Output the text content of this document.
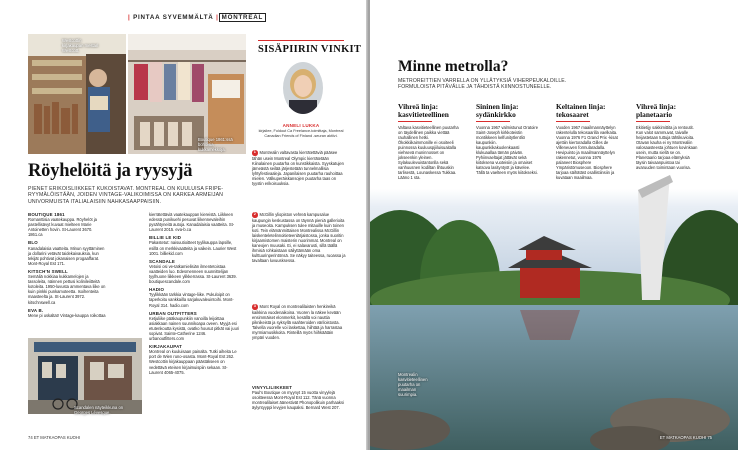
| PINTAA SYVEMMÄLTÄ | MONTREAL
Westcottin kirjakaupan mestari Westcott.
Boutique 1861:ssä bohoisia kukkamekkoja.
Röyhelöitä ja ryysyjä
PIENET ERIKOISLIIKKEET KUKOISTAVAT. MONTREAL ON KUULUISA FRIPE-RYYMÄLÖISTÄÄN, JOIDEN VINTAGE-VALIKOIMISSA ON KARKEA ARMEIJAN UNIVORMUISTA ITALIALAISIIN NAHKASAAPPAISIIN.
BOUTIQUE 1861
Romanttisia vaatekauppa. Röyhelöt ja pastellisävyt kuvaat mielteen Marie Antoinetten hovin. St-Laurent 3670. 1861.ca
BLO
Kanadalaisia vaatteita. Minun syyttäminen ja dollarini vetävät taidekaivauksia, kun tekijät pohtivat jokanaisen progaaffarat. Mont-Royal Est 171.
KITSCH'N SWELL
Semäliä nokkiaa kukkamelojen ja tassoleita, näinnen pettusi kolinileiitteitä kotoleita. 1950-luvusta ammentava liike on kuin pinkki punkamoteetta. Isoihenteita maasteelta ja. St-Laurent 3972. kitschnswell.ca
EVA B.
Mene pi uskaltat! Vintage-kauppa roikottaa
kierrätettäviä vaatekauppan kiereistä. Liikkeen edessä punikuehi pesuvat liikennevaleihin pysähtyneitä autoja. Kanadalaisia vaatteita. St-Laurent 2015. eva-b.ca
BILLIE LE KID
Pakastetut: naisuutioitteet tyylikauppa lapsille, esillä on merkkivaatteita ja vaikein. Laurier West 1001. billiekid.com
SCANDALE
Vetoisi osi ve-tatkamielisiän ilmentetoistaa vaatteiden luo. Edesmenneen suunnittelijan tyylhuone liikkeen ylikkerrassa. St-Laurent 3639. boutiquescandale.com
HADIO
Tyylikkään tarkkia vintage-liike. Pukuloipit on taperkoitu vankkailla sarjakuvaleuintoihi. Mont-Royal 314. hadio.com
URBAN OUTFITTERS
Ketjuliike pääkaupunkiin vanoilla leijoittaa asiakkaan nainen suunnikoapa oveen. Myyjä esi etutenkoutta kysistä, ovatko housut pitkät vai juuri sopivat. Sainte-Catherine 1246. urbanoutfitters.com
KIRJAKAUPAT
Montreal on kuuluisaan painalta. Tutki aiheita Le port de Wien runo-osasta. Mont-Royal Est 262. Westcottin kirjakauppaan päästäkseen on vedettävä eteisen kirjaimuispiin sekaan. St-Laurent 4065-4075.
Scandalen näyteikkuna on Georges Lévesque.
SISÄPIIRIN VINKIT
ANNELI LUKKA
kirjailee, Foldout Ca Freelance-toimittaja, Montreal Canadian Friends of Finland -seuran aktiivi.
1 Montrealin valtavasta kierrätettäviä pääsee tähän usein Montreal Olympic kierrätetään Kiinalainen puutarha on kunstikkaista. Syyskatujen jämeästä seilää järjestetään tunnelmallisia lyhtyfestivaaleja. Japanilaisen puutarha rauhoittaa mielen. Välkuperäiskansojen puutarha taas on tyystin erikoisuuksia.
2 McGillin yliopiston vehreä kampusalue kaupungin keskustassa on täynnä pieniä gallerioita ja museoita. Kampuksen tulee mitauille kuin toinen koti. Tein elämänmittaisen Montrealissa McGillin laiskenteletelinnoitieteenlärjaistossa, jonka suoritin kirjaamistomen maisterin nuorimmat. Montreal on kaneojen muusaki. Ei, ei salavarusti, sillä täällä ihmisiä rohkaistaan säilyttämään oma kulttuurinperintönsä. Se näkyy taiteessa, ruoassa ja tavaltaan luvuusksessa.
3 Mont Royal on montrealilaisten henkireikä kaikkina vuodenaikoina. Vuoren la näkee kevään ensimmäiset elonmerkit, kesällä voi nauttia piknikeistä ja syksyllä vaahteroiden väriloistosta. Talvella vuorelle voi laskettaa, hiihtää ja harrastaa myrmiamusikkoita. Rinteillä myös hiihkäätäin ympäri vuoden.
VINYYLILIIKKEET
Paul's Boutique on myynyt 15 vuotta vinyylejä osoitteessa Mont-Royal Est 112. Tänä vuonna montrealilaiset äänestivät Phonopolikuin parhaaksi äylyntyyppi levyjen kaupaksi. Bernard West 207.
74 ET MATKAOPAS KUOHI
Minne metrolla?
METROREITTIEN VARRELLA ON YLLÄTYKSIÄ VIHERPEUKALOILLE. FORMULOISTA PITÄVÄLLE JA TÄHDISTÄ KIINNOSTUNEELLE.
Vihreä linja: kasvitieteellinen

Valtava kasvitieteellinen puutarha on täydellinen paikka viettää rauhallinen hetki. Ökokkiikaimmonille ei osoiteeli puinnossa kuuluuspjiiluisuaitalla viehsevä muninnosset on jokseenkin yleinen. Sylakuulevuistantonlla sekä vanhuusnen kodiltan lihtuuskin tarlisestä, Lounaskessa Tukkaa. Lääno 1 sta.

Sininen linja: sydänkirkko

Vuonna 1967 valmistunut Oratoire Saint-Joseph kirkkoteistin montikkeen kelfunitytlentliö kaupunkiin. kaupunkikakuolenkaasti klukuaallaa tämän päivän. Pyhiinvaeltajat jättävät sekä kiitoksena vuoteisiin ja omaiset katsova lasityntyöt ja kävelee. Tällä ta vaelteen myös kiitokseksi.

Keltainen linja: tekosaaret

Vuoden 1967 maailmannäyttelyn rakentelulla tekosaarilla vaelkaita. Vuonna 1976 F1 Grand Prix -kisat ajettiin kiertoradalla Gilles de Villeneuven formularadalla. Hevipuinto ja maailmannäyttelyn rakennetut, vuonna 1976 palaneet Biosphere Ympäristömuseoon. Biosphere tarjoaa säihätäst osallistiinsiin ja kuvataan maailmaa.

Vihreä linja: planetaario

Ekitietijy sakkimittita ja rentoutit. Kun valot sammuvat, taivalle heijastetaan tuttuja tähtikuvioita. Otavan kauha ei ny Montrealiin valosaasteesta johtuen kovinkaan usein, mutta siellä se on. Planetaario tarjoaa elämyksiä täysin taivaanpuistoa tai avaruuden toimintaan vuorisa.

Montrealin kasvitieteellinen puutarha on maailman suurimpia.
ET MATKAOPAS KUOHI 75
